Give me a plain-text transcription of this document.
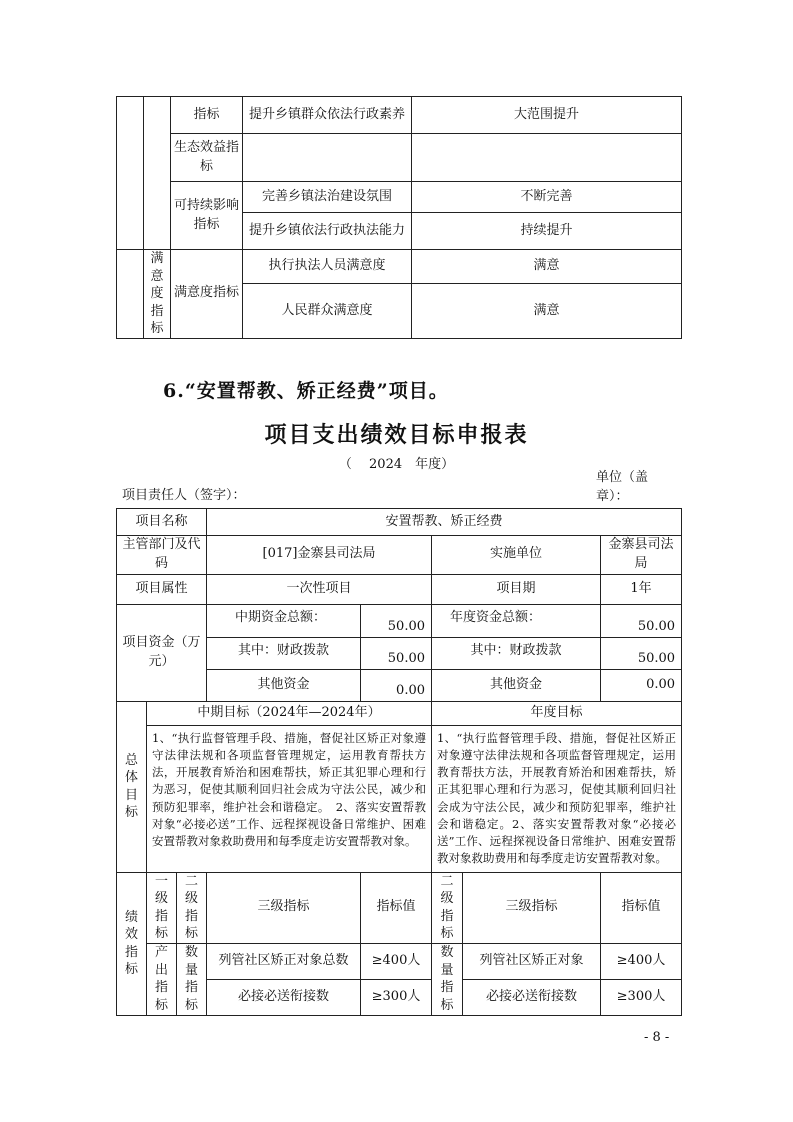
		指标	提升乡镇群众依法行政素养	大范围提升
		生态效益指标		
		可持续影响指标	完善乡镇法治建设氛围	不断完善
			提升乡镇依法行政执法能力	持续提升
	满意度指标	满意度指标	执行执法人员满意度	满意
			人民群众满意度	满意
6.“安置帮教、矫正经费”项目。
项目支出绩效目标申报表
（　 2024　年度）
项目责任人（签字）：
单位（盖章）：
项目名称			安置帮教、矫正经费				
主管部门及代码			[017]金寨县司法局		实施单位		金寨县司法局
项目属性			一次性项目		项目期		1年
项目资金（万元）			中期资金总额：	50.00	年度资金总额：		50.00
			其中：财政拨款	50.00	其中：财政拨款		50.00
			其他资金	0.00	其他资金		0.00
总体目标	中期目标（2024年—2024年）				年度目标		
	1、“执行监督管理手段、措施，督促社区矫正对象遵守法律法规和各项监督管理规定，运用教育帮扶方法，开展教育矫治和困难帮扶，矫正其犯罪心理和行为恶习，促使其顺利回归社会成为守法公民，减少和预防犯罪率，维护社会和谐稳定。　2、落实安置帮教对象“必接必送”工作、远程探视设备日常维护、困难安置帮教对象救助费用和每季度走访安置帮教对象。				1、“执行监督管理手段、措施，督促社区矫正对象遵守法律法规和各项监督管理规定，运用教育帮扶方法，开展教育矫治和困难帮扶，矫正其犯罪心理和行为恶习，促使其顺利回归社会成为守法公民，减少和预防犯罪率，维护社会和谐稳定。2、落实安置帮教对象“必接必送”工作、远程探视设备日常维护、困难安置帮教对象救助费用和每季度走访安置帮教对象。		
绩效指标	一级指标	二级指标	三级指标	指标值	二级指标	三级指标	指标值
	产出指标	数量指标	列管社区矫正对象总数	≥400人	数量指标	列管社区矫正对象	≥400人
			必接必送衔接数	≥300人		必接必送衔接数	≥300人
- 8 -
